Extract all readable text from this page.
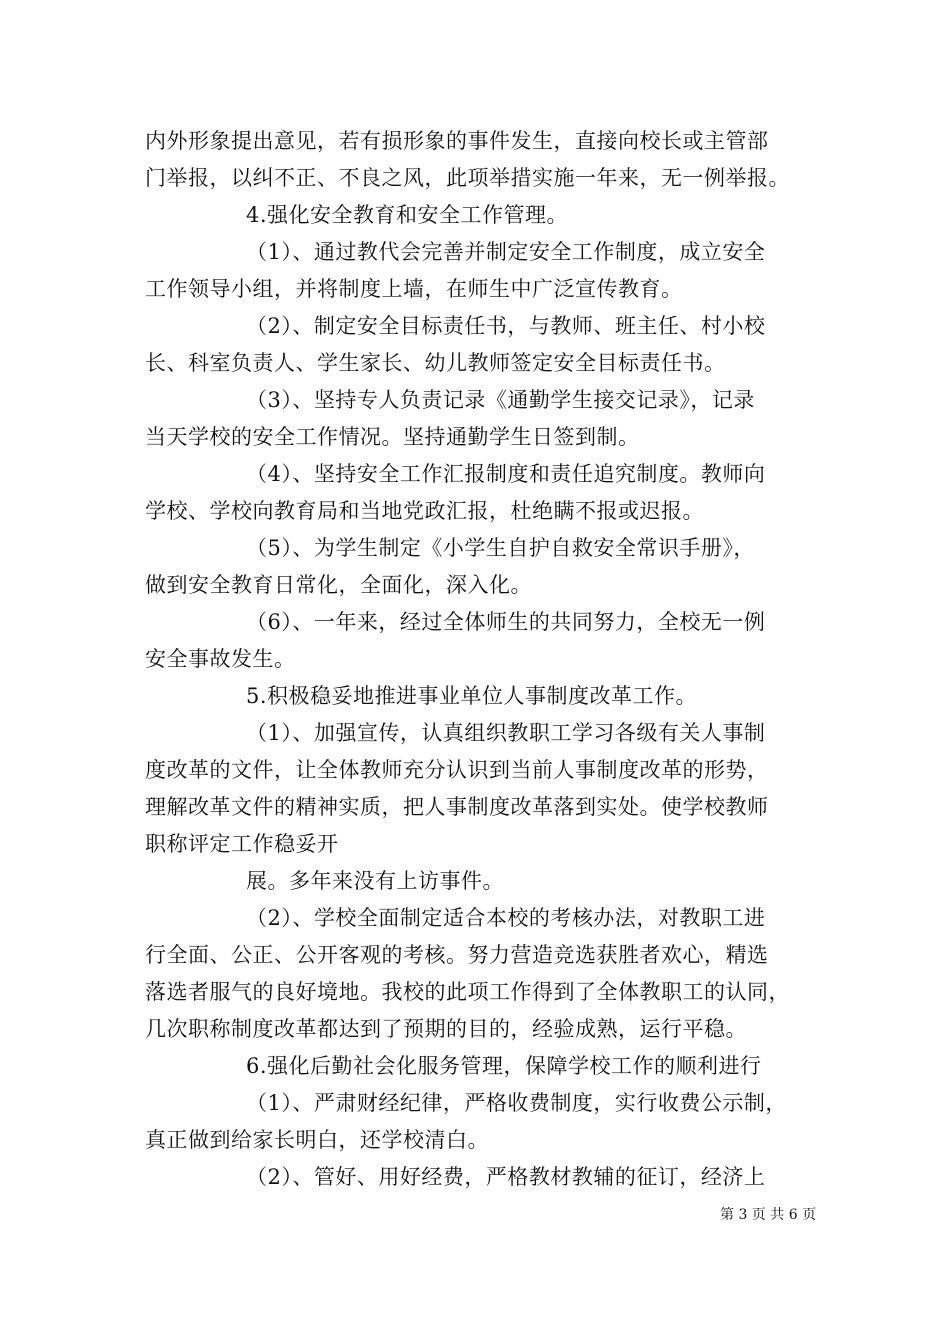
内外形象提出意见，若有损形象的事件发生，直接向校长或主管部
门举报，以纠不正、不良之风，此项举措实施一年来，无一例举报。
4.强化安全教育和安全工作管理。
（1）、通过教代会完善并制定安全工作制度，成立安全
工作领导小组，并将制度上墙，在师生中广泛宣传教育。
（2）、制定安全目标责任书，与教师、班主任、村小校
长、科室负责人、学生家长、幼儿教师签定安全目标责任书。
（3）、坚持专人负责记录《通勤学生接交记录》，记录
当天学校的安全工作情况。坚持通勤学生日签到制。
（4）、坚持安全工作汇报制度和责任追究制度。教师向
学校、学校向教育局和当地党政汇报，杜绝瞒不报或迟报。
（5）、为学生制定《小学生自护自救安全常识手册》，
做到安全教育日常化，全面化，深入化。
（6）、一年来，经过全体师生的共同努力，全校无一例
安全事故发生。
5.积极稳妥地推进事业单位人事制度改革工作。
（1）、加强宣传，认真组织教职工学习各级有关人事制
度改革的文件，让全体教师充分认识到当前人事制度改革的形势，
理解改革文件的精神实质，把人事制度改革落到实处。使学校教师
职称评定工作稳妥开
展。多年来没有上访事件。
（2）、学校全面制定适合本校的考核办法，对教职工进
行全面、公正、公开客观的考核。努力营造竞选获胜者欢心，精选
落选者服气的良好境地。我校的此项工作得到了全体教职工的认同，
几次职称制度改革都达到了预期的目的，经验成熟，运行平稳。
6.强化后勤社会化服务管理，保障学校工作的顺利进行
（1）、严肃财经纪律，严格收费制度，实行收费公示制，
真正做到给家长明白，还学校清白。
（2）、管好、用好经费，严格教材教辅的征订，经济上
第 3 页 共 6 页
